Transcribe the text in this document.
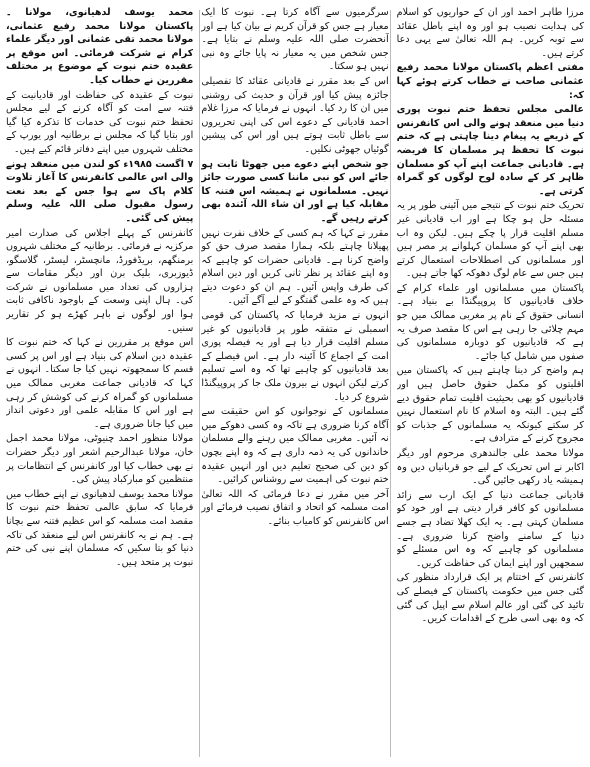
محمد یوسف لدھیانوی، مولانا ۔ پاکستان مولانا محمد رفیع عثمانی، مولانا محمد تقی عثمانی اور دیگر علماء کرام نے شرکت فرمائی۔ اس موقع پر عقیدہ ختم نبوت کے موضوع پر مختلف مقررین نے خطاب کیا۔

نبوت کے عقیدہ کی حفاظت اور قادیانیت کے فتنہ سے امت کو آگاہ کرنے کے لیے مجلس تحفظ ختم نبوت کی خدمات کا تذکرہ کیا گیا اور بتایا گیا کہ مجلس نے برطانیہ اور یورپ کے مختلف شہروں میں اپنے دفاتر قائم کیے ہیں۔

۷ اگست ۱۹۸۵ء کو لندن میں منعقد ہونے والی اس عالمی کانفرنس کا آغاز تلاوت کلام پاک سے ہوا جس کے بعد نعت رسول مقبول صلی اللہ علیہ وسلم پیش کی گئی۔

کانفرنس کے پہلے اجلاس کی صدارت امیر مرکزیہ نے فرمائی۔ برطانیہ کے مختلف شہروں برمنگھم، بریڈفورڈ، مانچسٹر، لیسٹر، گلاسگو، ڈیوزبری، بلیک برن اور دیگر مقامات سے ہزاروں کی تعداد میں مسلمانوں نے شرکت کی۔ ہال اپنی وسعت کے باوجود ناکافی ثابت ہوا اور لوگوں نے باہر کھڑے ہو کر تقاریر سنیں۔

اس موقع پر مقررین نے کہا کہ ختم نبوت کا عقیدہ دین اسلام کی بنیاد ہے اور اس پر کسی قسم کا سمجھوتہ نہیں کیا جا سکتا۔ انہوں نے کہا کہ قادیانی جماعت مغربی ممالک میں مسلمانوں کو گمراہ کرنے کی کوشش کر رہی ہے اور اس کا مقابلہ علمی اور دعوتی انداز میں کیا جانا ضروری ہے۔

مولانا منظور احمد چنیوٹی، مولانا محمد اجمل خان، مولانا عبدالرحیم اشعر اور دیگر حضرات نے بھی خطاب کیا اور کانفرنس کے انتظامات پر منتظمین کو مبارکباد پیش کی۔

مولانا محمد یوسف لدھیانوی نے اپنے خطاب میں فرمایا کہ سابق عالمی تحفظ ختم نبوت کا مقصد امت مسلمہ کو اس عظیم فتنہ سے بچانا ہے۔ ہم نے یہ کانفرنس اس لیے منعقد کی تاکہ دنیا کو بتا سکیں کہ مسلمان اپنے نبی کی ختم نبوت پر متحد ہیں۔

سرگرمیوں سے آگاہ کرتا ہے۔ نبوت کا ایک معیار ہے جس کو قرآن کریم نے بیان کیا ہے اور آنحضرت صلی اللہ علیہ وسلم نے بتایا ہے۔ جس شخص میں یہ معیار نہ پایا جائے وہ نبی نہیں ہو سکتا۔

اس کے بعد مقرر نے قادیانی عقائد کا تفصیلی جائزہ پیش کیا اور قرآن و حدیث کی روشنی میں ان کا رد کیا۔ انہوں نے فرمایا کہ مرزا غلام احمد قادیانی کے دعوے اس کی اپنی تحریروں سے باطل ثابت ہوتے ہیں اور اس کی پیشین گوئیاں جھوٹی نکلیں۔

جو شخص اپنے دعوے میں جھوٹا ثابت ہو جائے اس کو نبی ماننا کسی صورت جائز نہیں۔ مسلمانوں نے ہمیشہ اس فتنہ کا مقابلہ کیا ہے اور ان شاء اللہ آئندہ بھی کرتے رہیں گے۔

مقرر نے کہا کہ ہم کسی کے خلاف نفرت نہیں پھیلانا چاہتے بلکہ ہمارا مقصد صرف حق کو واضح کرنا ہے۔ قادیانی حضرات کو چاہیے کہ وہ اپنے عقائد پر نظر ثانی کریں اور دین اسلام کی طرف واپس آئیں۔ ہم ان کو دعوت دیتے ہیں کہ وہ علمی گفتگو کے لیے آگے آئیں۔

انہوں نے مزید فرمایا کہ پاکستان کی قومی اسمبلی نے متفقہ طور پر قادیانیوں کو غیر مسلم اقلیت قرار دیا ہے اور یہ فیصلہ پوری امت کے اجماع کا آئینہ دار ہے۔ اس فیصلے کے بعد قادیانیوں کو چاہیے تھا کہ وہ اسے تسلیم کرتے لیکن انہوں نے بیرون ملک جا کر پروپیگنڈا شروع کر دیا۔

مسلمانوں کے نوجوانوں کو اس حقیقت سے آگاہ کرنا ضروری ہے تاکہ وہ کسی دھوکے میں نہ آئیں۔ مغربی ممالک میں رہنے والے مسلمان خاندانوں کی یہ ذمہ داری ہے کہ وہ اپنے بچوں کو دین کی صحیح تعلیم دیں اور انہیں عقیدہ ختم نبوت کی اہمیت سے روشناس کرائیں۔

آخر میں مقرر نے دعا فرمائی کہ اللہ تعالیٰ امت مسلمہ کو اتحاد و اتفاق نصیب فرمائے اور اس کانفرنس کو کامیاب بنائے۔

مرزا طاہر احمد اور ان کے حواریوں کو اسلام کی ہدایت نصیب ہو اور وہ اپنے باطل عقائد سے توبہ کریں۔ ہم اللہ تعالیٰ سے یہی دعا کرتے ہیں۔

مفتی اعظم پاکستان مولانا محمد رفیع عثمانی صاحب نے خطاب کرتے ہوئے کہا کہ:

عالمی مجلس تحفظ ختم نبوت پوری دنیا میں منعقد ہونے والی اس کانفرنس کے ذریعے یہ پیغام دینا چاہتی ہے کہ ختم نبوت کا تحفظ ہر مسلمان کا فریضہ ہے۔ قادیانی جماعت اپنے آپ کو مسلمان ظاہر کر کے سادہ لوح لوگوں کو گمراہ کرتی ہے۔

تحریک ختم نبوت کے نتیجے میں آئینی طور پر یہ مسئلہ حل ہو چکا ہے اور اب قادیانی غیر مسلم اقلیت قرار پا چکے ہیں۔ لیکن وہ اب بھی اپنے آپ کو مسلمان کہلوانے پر مصر ہیں اور مسلمانوں کی اصطلاحات استعمال کرتے ہیں جس سے عام لوگ دھوکہ کھا جاتے ہیں۔

پاکستان میں مسلمانوں اور علماء کرام کے خلاف قادیانیوں کا پروپیگنڈا بے بنیاد ہے۔ انسانی حقوق کے نام پر مغربی ممالک میں جو مہم چلائی جا رہی ہے اس کا مقصد صرف یہ ہے کہ قادیانیوں کو دوبارہ مسلمانوں کی صفوں میں شامل کیا جائے۔

ہم واضح کر دینا چاہتے ہیں کہ پاکستان میں اقلیتوں کو مکمل حقوق حاصل ہیں اور قادیانیوں کو بھی بحیثیت اقلیت تمام حقوق دیے گئے ہیں۔ البتہ وہ اسلام کا نام استعمال نہیں کر سکتے کیونکہ یہ مسلمانوں کے جذبات کو مجروح کرنے کے مترادف ہے۔

مولانا محمد علی جالندھری مرحوم اور دیگر اکابر نے اس تحریک کے لیے جو قربانیاں دیں وہ ہمیشہ یاد رکھی جائیں گی۔

قادیانی جماعت دنیا کے ایک ارب سے زائد مسلمانوں کو کافر قرار دیتی ہے اور خود کو مسلمان کہتی ہے۔ یہ ایک کھلا تضاد ہے جسے دنیا کے سامنے واضح کرنا ضروری ہے۔ مسلمانوں کو چاہیے کہ وہ اس مسئلے کو سمجھیں اور اپنے ایمان کی حفاظت کریں۔

کانفرنس کے اختتام پر ایک قرارداد منظور کی گئی جس میں حکومت پاکستان کے فیصلے کی تائید کی گئی اور عالم اسلام سے اپیل کی گئی کہ وہ بھی اسی طرح کے اقدامات کریں۔
